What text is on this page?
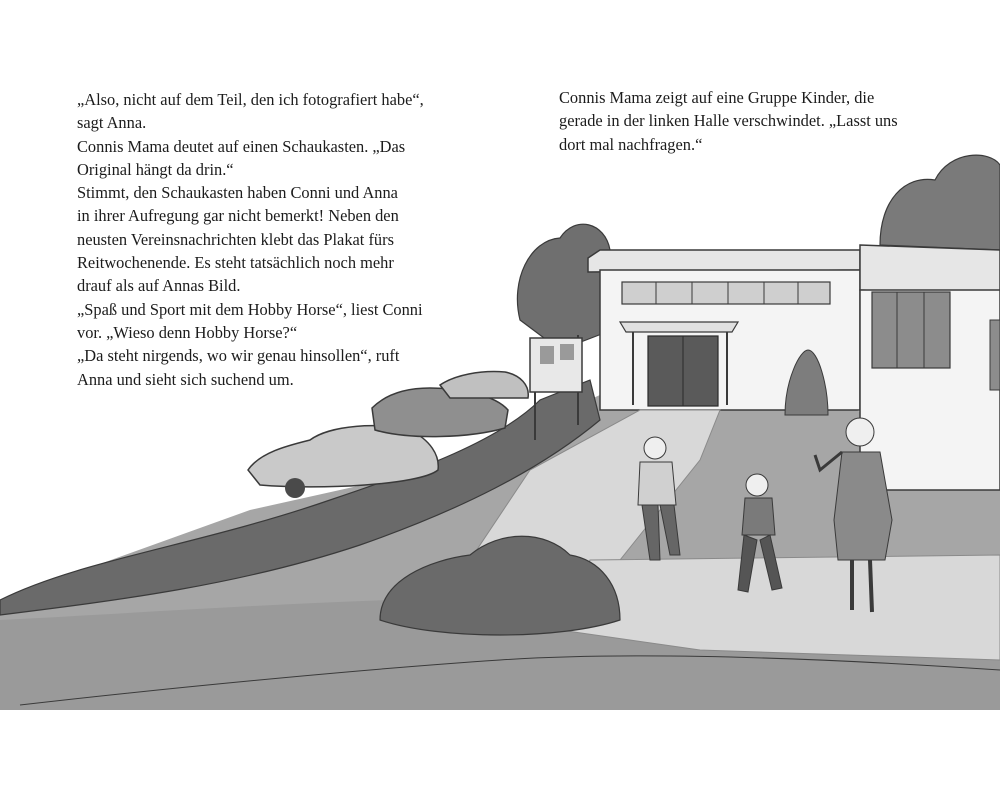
„Also, nicht auf dem Teil, den ich fotografiert habe“,
sagt Anna.
Connis Mama deutet auf einen Schaukasten. „Das
Original hängt da drin.“
Stimmt, den Schaukasten haben Conni und Anna
in ihrer Aufregung gar nicht bemerkt! Neben den
neusten Vereinsnachrichten klebt das Plakat fürs
Reitwochenende. Es steht tatsächlich noch mehr
drauf als auf Annas Bild.
„Spaß und Sport mit dem Hobby Horse“, liest Conni
vor. „Wieso denn Hobby Horse?“
„Da steht nirgends, wo wir genau hinsollen“, ruft
Anna und sieht sich suchend um.
Connis Mama zeigt auf eine Gruppe Kinder, die
gerade in der linken Halle verschwindet. „Lasst uns
dort mal nachfragen.“
